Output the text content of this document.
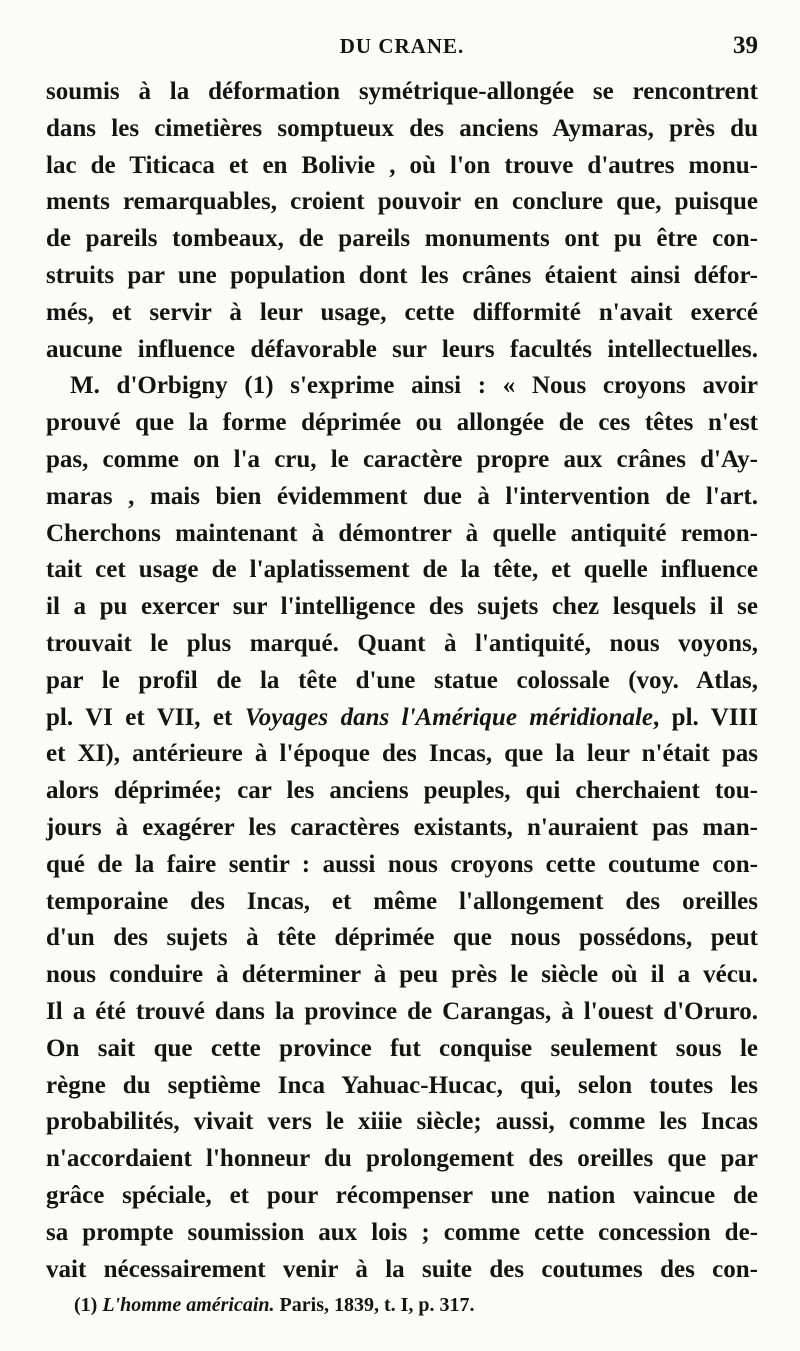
DU CRANE.	39
soumis à la déformation symétrique-allongée se rencontrent
dans les cimetières somptueux des anciens Aymaras, près du
lac de Titicaca et en Bolivie , où l'on trouve d'autres monu-
ments remarquables, croient pouvoir en conclure que, puisque
de pareils tombeaux, de pareils monuments ont pu être con-
struits par une population dont les crânes étaient ainsi défor-
més, et servir à leur usage, cette difformité n'avait exercé
aucune influence défavorable sur leurs facultés intellectuelles.
M. d'Orbigny (1) s'exprime ainsi : « Nous croyons avoir
prouvé que la forme déprimée ou allongée de ces têtes n'est
pas, comme on l'a cru, le caractère propre aux crânes d'Ay-
maras , mais bien évidemment due à l'intervention de l'art.
Cherchons maintenant à démontrer à quelle antiquité remon-
tait cet usage de l'aplatissement de la tête, et quelle influence
il a pu exercer sur l'intelligence des sujets chez lesquels il se
trouvait le plus marqué. Quant à l'antiquité, nous voyons,
par le profil de la tête d'une statue colossale (voy. Atlas,
pl. VI et VII, et Voyages dans l'Amérique méridionale, pl. VIII
et XI), antérieure à l'époque des Incas, que la leur n'était pas
alors déprimée; car les anciens peuples, qui cherchaient tou-
jours à exagérer les caractères existants, n'auraient pas man-
qué de la faire sentir : aussi nous croyons cette coutume con-
temporaine des Incas, et même l'allongement des oreilles
d'un des sujets à tête déprimée que nous possédons, peut
nous conduire à déterminer à peu près le siècle où il a vécu.
Il a été trouvé dans la province de Carangas, à l'ouest d'Oruro.
On sait que cette province fut conquise seulement sous le
règne du septième Inca Yahuac-Hucac, qui, selon toutes les
probabilités, vivait vers le xiiie siècle; aussi, comme les Incas
n'accordaient l'honneur du prolongement des oreilles que par
grâce spéciale, et pour récompenser une nation vaincue de
sa prompte soumission aux lois ; comme cette concession de-
vait nécessairement venir à la suite des coutumes des con-
(1) L'homme américain. Paris, 1839, t. I, p. 317.
